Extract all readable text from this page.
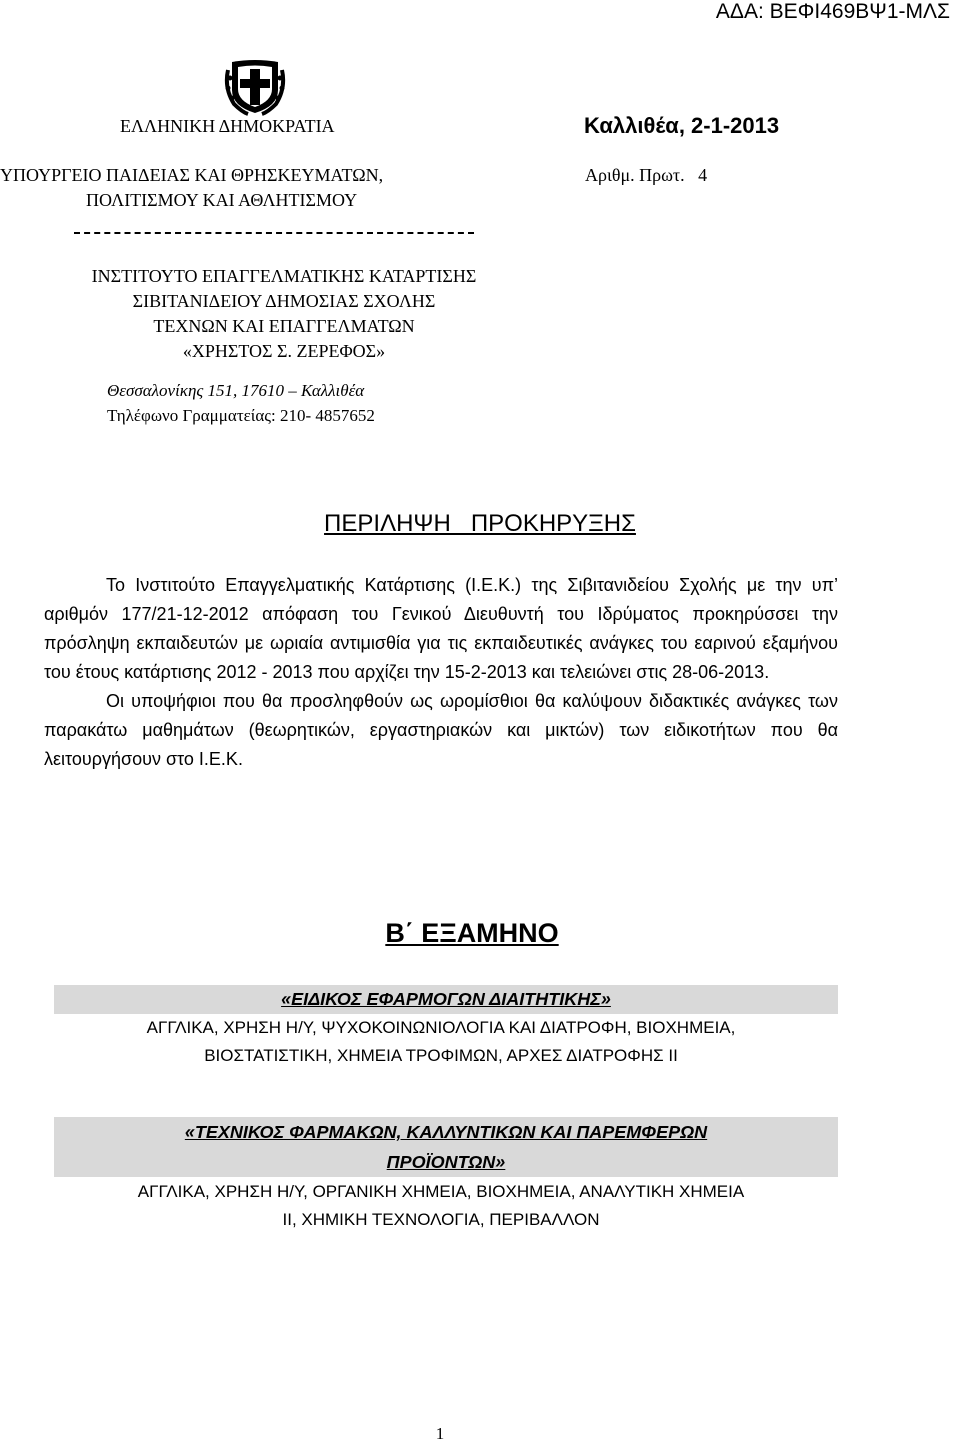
ΑΔΑ: ΒΕΦΙ469ΒΨ1-ΜΛΣ
ΕΛΛΗΝΙΚΗ ΔΗΜΟΚΡΑΤΙΑ	Καλλιθέα, 2-1-2013
ΥΠΟΥΡΓΕΙΟ ΠΑΙΔΕΙΑΣ ΚΑΙ ΘΡΗΣΚΕΥΜΑΤΩΝ,
ΠΟΛΙΤΙΣΜΟΥ ΚΑΙ ΑΘΛΗΤΙΣΜΟΥ
Αριθμ. Πρωτ.   4
ΙΝΣΤΙΤΟΥΤΟ ΕΠΑΓΓΕΛΜΑΤΙΚΗΣ ΚΑΤΑΡΤΙΣΗΣ
ΣΙΒΙΤΑΝΙΔΕΙΟΥ ΔΗΜΟΣΙΑΣ ΣΧΟΛΗΣ
ΤΕΧΝΩΝ ΚΑΙ ΕΠΑΓΓΕΛΜΑΤΩΝ
«ΧΡΗΣΤΟΣ Σ. ΖΕΡΕΦΟΣ»
Θεσσαλονίκης 151, 17610 – Καλλιθέα
Τηλέφωνο Γραμματείας: 210- 4857652
ΠΕΡΙΛΗΨΗ   ΠΡΟΚΗΡΥΞΗΣ

Το Ινστιτούτο Επαγγελματικής Κατάρτισης (Ι.Ε.Κ.) της Σιβιτανιδείου Σχολής με την υπ’ αριθμόν 177/21-12-2012 απόφαση του Γενικού Διευθυντή του Ιδρύματος προκηρύσσει την πρόσληψη εκπαιδευτών με ωριαία αντιμισθία για τις εκπαιδευτικές ανάγκες του εαρινού εξαμήνου του έτους κατάρτισης 2012 - 2013 που αρχίζει την 15-2-2013 και τελειώνει στις 28-06-2013.

Οι υποψήφιοι που θα προσληφθούν ως ωρομίσθιοι θα καλύψουν διδακτικές ανάγκες των παρακάτω μαθημάτων (θεωρητικών, εργαστηριακών και μικτών) των ειδικοτήτων που θα λειτουργήσουν στο Ι.Ε.Κ.

Β΄ ΕΞΑΜΗΝΟ
«ΕΙΔΙΚΟΣ ΕΦΑΡΜΟΓΩΝ ΔΙΑΙΤΗΤΙΚΗΣ»
ΑΓΓΛΙΚΑ, ΧΡΗΣΗ Η/Υ, ΨΥΧΟΚΟΙΝΩΝΙΟΛΟΓΙΑ ΚΑΙ ΔΙΑΤΡΟΦΗ, ΒΙΟΧΗΜΕΙΑ,
ΒΙΟΣΤΑΤΙΣΤΙΚΗ, ΧΗΜΕΙΑ ΤΡΟΦΙΜΩΝ, ΑΡΧΕΣ ΔΙΑΤΡΟΦΗΣ ΙΙ
«ΤΕΧΝΙΚΟΣ ΦΑΡΜΑΚΩΝ, ΚΑΛΛΥΝΤΙΚΩΝ ΚΑΙ ΠΑΡΕΜΦΕΡΩΝ
ΠΡΟΪΟΝΤΩΝ»
ΑΓΓΛΙΚΑ, ΧΡΗΣΗ Η/Υ, ΟΡΓΑΝΙΚΗ ΧΗΜΕΙΑ, ΒΙΟΧΗΜΕΙΑ, ΑΝΑΛΥΤΙΚΗ ΧΗΜΕΙΑ
ΙΙ, ΧΗΜΙΚΗ ΤΕΧΝΟΛΟΓΙΑ, ΠΕΡΙΒΑΛΛΟΝ
1
